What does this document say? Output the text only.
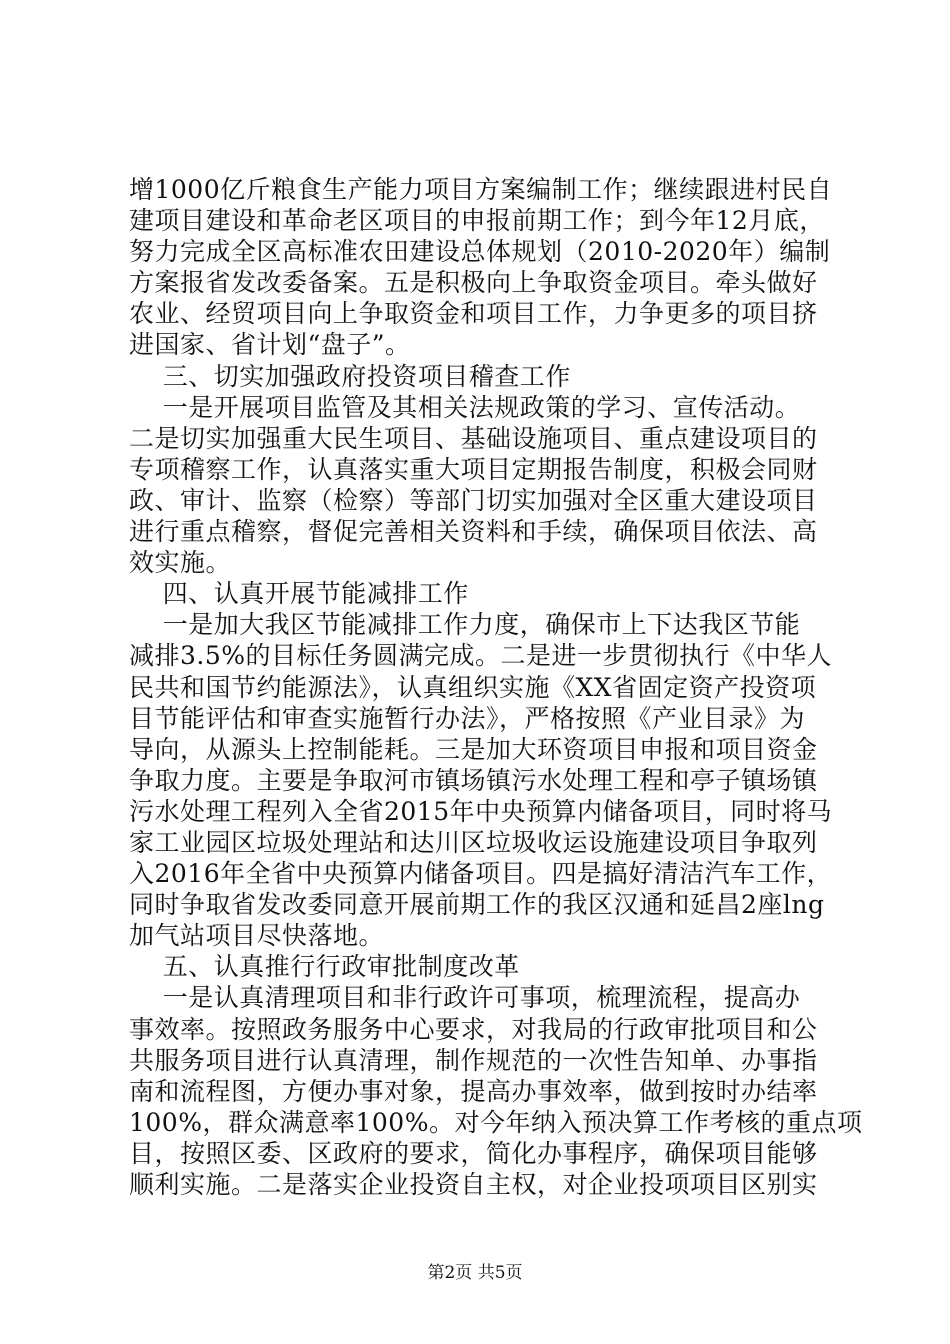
增1000亿斤粮食生产能力项目方案编制工作；继续跟进村民自
建项目建设和革命老区项目的申报前期工作；到今年12月底，
努力完成全区高标准农田建设总体规划（2010-2020年）编制
方案报省发改委备案。五是积极向上争取资金项目。牵头做好
农业、经贸项目向上争取资金和项目工作，力争更多的项目挤
进国家、省计划“盘子”。
三、切实加强政府投资项目稽查工作
一是开展项目监管及其相关法规政策的学习、宣传活动。
二是切实加强重大民生项目、基础设施项目、重点建设项目的
专项稽察工作，认真落实重大项目定期报告制度，积极会同财
政、审计、监察（检察）等部门切实加强对全区重大建设项目
进行重点稽察，督促完善相关资料和手续，确保项目依法、高
效实施。
四、认真开展节能减排工作
一是加大我区节能减排工作力度，确保市上下达我区节能
减排3.5%的目标任务圆满完成。二是进一步贯彻执行《中华人
民共和国节约能源法》，认真组织实施《XX省固定资产投资项
目节能评估和审查实施暂行办法》，严格按照《产业目录》为
导向，从源头上控制能耗。三是加大环资项目申报和项目资金
争取力度。主要是争取河市镇场镇污水处理工程和亭子镇场镇
污水处理工程列入全省2015年中央预算内储备项目，同时将马
家工业园区垃圾处理站和达川区垃圾收运设施建设项目争取列
入2016年全省中央预算内储备项目。四是搞好清洁汽车工作，
同时争取省发改委同意开展前期工作的我区汉通和延昌2座lng
加气站项目尽快落地。
五、认真推行行政审批制度改革
一是认真清理项目和非行政许可事项，梳理流程，提高办
事效率。按照政务服务中心要求，对我局的行政审批项目和公
共服务项目进行认真清理，制作规范的一次性告知单、办事指
南和流程图，方便办事对象，提高办事效率，做到按时办结率
100%，群众满意率100%。对今年纳入预决算工作考核的重点项
目，按照区委、区政府的要求，简化办事程序，确保项目能够
顺利实施。二是落实企业投资自主权，对企业投项项目区别实
第2页 共5页
